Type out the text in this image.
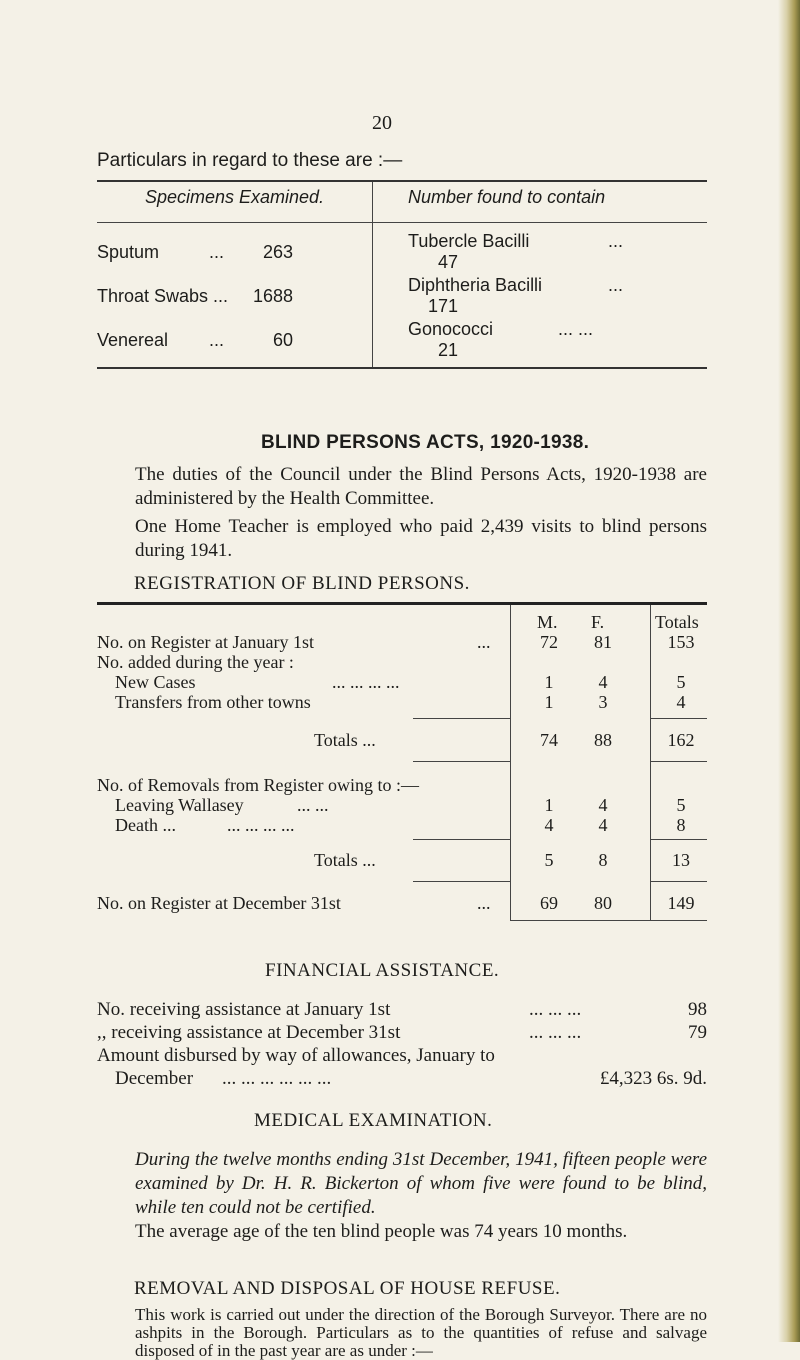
20
Particulars in regard to these are :—
Specimens Examined.	Number found to contain
Sputum ... 263	Tubercle Bacilli ...47
Throat Swabs ... 1688	Diphtheria Bacilli ...171
Venereal ... 60	Gonococci ... ...21
BLIND PERSONS ACTS, 1920-1938.
The duties of the Council under the Blind Persons Acts, 1920-1938 are administered by the Health Committee.
One Home Teacher is employed who paid 2,439 visits to blind persons during 1941.
REGISTRATION OF BLIND PERSONS.
M. F.	Totals
No. on Register at January 1st	...	72	81	153
No. added during the year :
New Cases	... ... ... ...	1	4	5
Transfers from other towns	1	3	4
Totals ...	74	88	162
No. of Removals from Register owing to :—
Leaving Wallasey	... ...	1	4	5
Death ...	... ... ... ...	4	4	8
Totals ...	5	8	13
No. on Register at December 31st	...	69	80	149
FINANCIAL ASSISTANCE.
No. receiving assistance at January 1st	... ... ...	98
,, receiving assistance at December 31st	... ... ...	79
Amount disbursed by way of allowances, January to
December ... ... ... ... ... ...	£4,323 6s. 9d.
MEDICAL EXAMINATION.
During the twelve months ending 31st December, 1941, fifteen people were examined by Dr. H. R. Bickerton of whom five were found to be blind, while ten could not be certified.
The average age of the ten blind people was 74 years 10 months.
REMOVAL AND DISPOSAL OF HOUSE REFUSE.
This work is carried out under the direction of the Borough Surveyor. There are no ashpits in the Borough. Particulars as to the quantities of refuse and salvage disposed of in the past year are as under :—
